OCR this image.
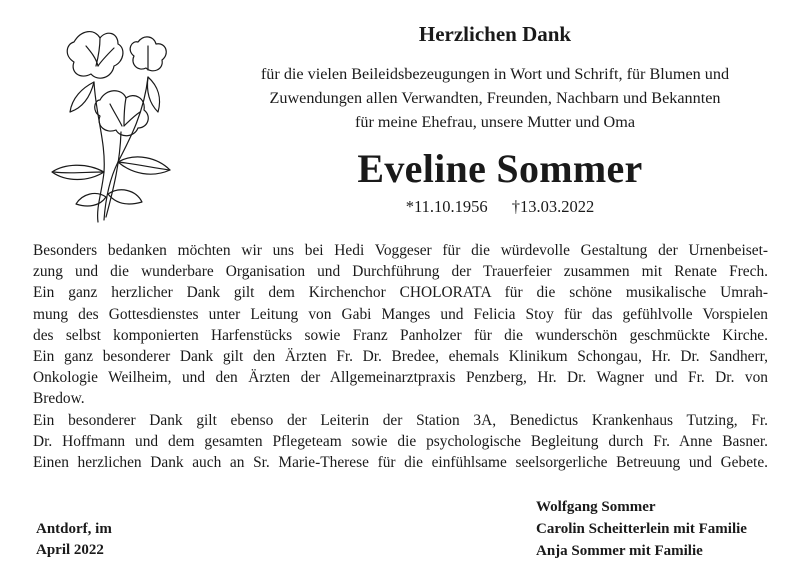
Herzlichen Dank
für die vielen Beileidsbezeugungen in Wort und Schrift, für Blumen und
Zuwendungen allen Verwandten, Freunden, Nachbarn und Bekannten
für meine Ehefrau, unsere Mutter und Oma
Eveline Sommer
*11.10.1956 †13.03.2022
Besonders bedanken möchten wir uns bei Hedi Voggeser für die würdevolle Gestaltung der Urnenbeiset-
zung und die wunderbare Organisation und Durchführung der Trauerfeier zusammen mit Renate Frech.
Ein ganz herzlicher Dank gilt dem Kirchenchor CHOLORATA für die schöne musikalische Umrah-
mung des Gottesdienstes unter Leitung von Gabi Manges und Felicia Stoy für das gefühlvolle Vorspielen
des selbst komponierten Harfenstücks sowie Franz Panholzer für die wunderschön geschmückte Kirche.
Ein ganz besonderer Dank gilt den Ärzten Fr. Dr. Bredee, ehemals Klinikum Schongau, Hr. Dr. Sandherr,
Onkologie Weilheim, und den Ärzten der Allgemeinarztpraxis Penzberg, Hr. Dr. Wagner und Fr. Dr. von
Bredow.
Ein besonderer Dank gilt ebenso der Leiterin der Station 3A, Benedictus Krankenhaus Tutzing, Fr.
Dr. Hoffmann und dem gesamten Pflegeteam sowie die psychologische Begleitung durch Fr. Anne Basner.
Einen herzlichen Dank auch an Sr. Marie-Therese für die einfühlsame seelsorgerliche Betreuung und Gebete.
Antdorf, im
April 2022
Wolfgang Sommer
Carolin Scheitterlein mit Familie
Anja Sommer mit Familie
